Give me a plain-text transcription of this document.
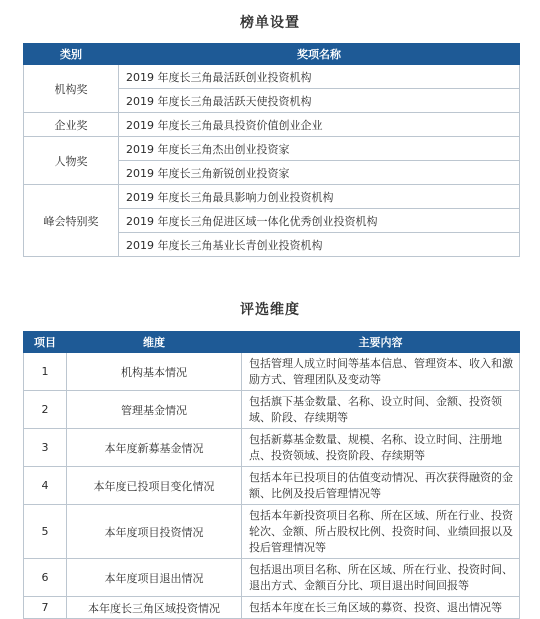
榜单设置
类别	奖项名称
机构奖	2019 年度长三角最活跃创业投资机构
	2019 年度长三角最活跃天使投资机构
企业奖	2019 年度长三角最具投资价值创业企业
人物奖	2019 年度长三角杰出创业投资家
	2019 年度长三角新锐创业投资家
峰会特别奖	2019 年度长三角最具影响力创业投资机构
	2019 年度长三角促进区域一体化优秀创业投资机构
	2019 年度长三角基业长青创业投资机构
评选维度
项目	维度	主要内容
1	机构基本情况	包括管理人成立时间等基本信息、管理资本、收入和激励方式、管理团队及变动等
2	管理基金情况	包括旗下基金数量、名称、设立时间、金额、投资领域、阶段、存续期等
3	本年度新募基金情况	包括新募基金数量、规模、名称、设立时间、注册地点、投资领域、投资阶段、存续期等
4	本年度已投项目变化情况	包括本年已投项目的估值变动情况、再次获得融资的金额、比例及投后管理情况等
5	本年度项目投资情况	包括本年新投资项目名称、所在区域、所在行业、投资轮次、金额、所占股权比例、投资时间、业绩回报以及投后管理情况等
6	本年度项目退出情况	包括退出项目名称、所在区域、所在行业、投资时间、退出方式、金额百分比、项目退出时间回报等
7	本年度长三角区域投资情况	包括本年度在长三角区域的募资、投资、退出情况等
